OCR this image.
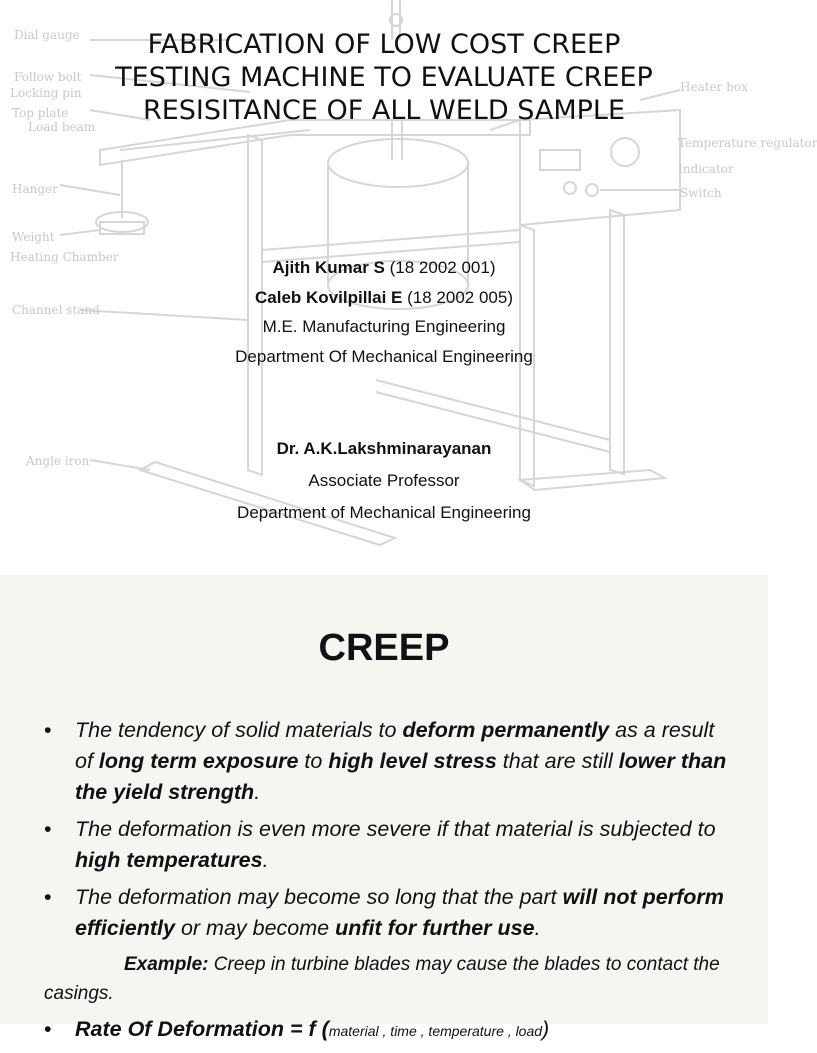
Dial gauge
Follow bolt
Locking pin
Top plate
Load beam
Hanger
Weight
Heating Chamber
Channel stand
Angle iron
Heater box
Temperature regulator
Indicator
Switch
FABRICATION OF LOW COST CREEP
TESTING MACHINE TO EVALUATE CREEP
RESISITANCE OF ALL WELD SAMPLE
Ajith Kumar S (18 2002 001)
Caleb Kovilpillai E (18 2002 005)
M.E. Manufacturing Engineering
Department Of Mechanical Engineering
Dr. A.K.Lakshminarayanan
Associate Professor
Department of Mechanical Engineering
CREEP
• The tendency of solid materials to deform permanently as a result of long term exposure to high level stress that are still lower than the yield strength.
• The deformation is even more severe if that material is subjected to high temperatures.
• The deformation may become so long that the part will not perform efficiently or may become unfit for further use.
Example: Creep in turbine blades may cause the blades to contact the casings.
• Rate Of Deformation = f (material , time , temperature , load)
